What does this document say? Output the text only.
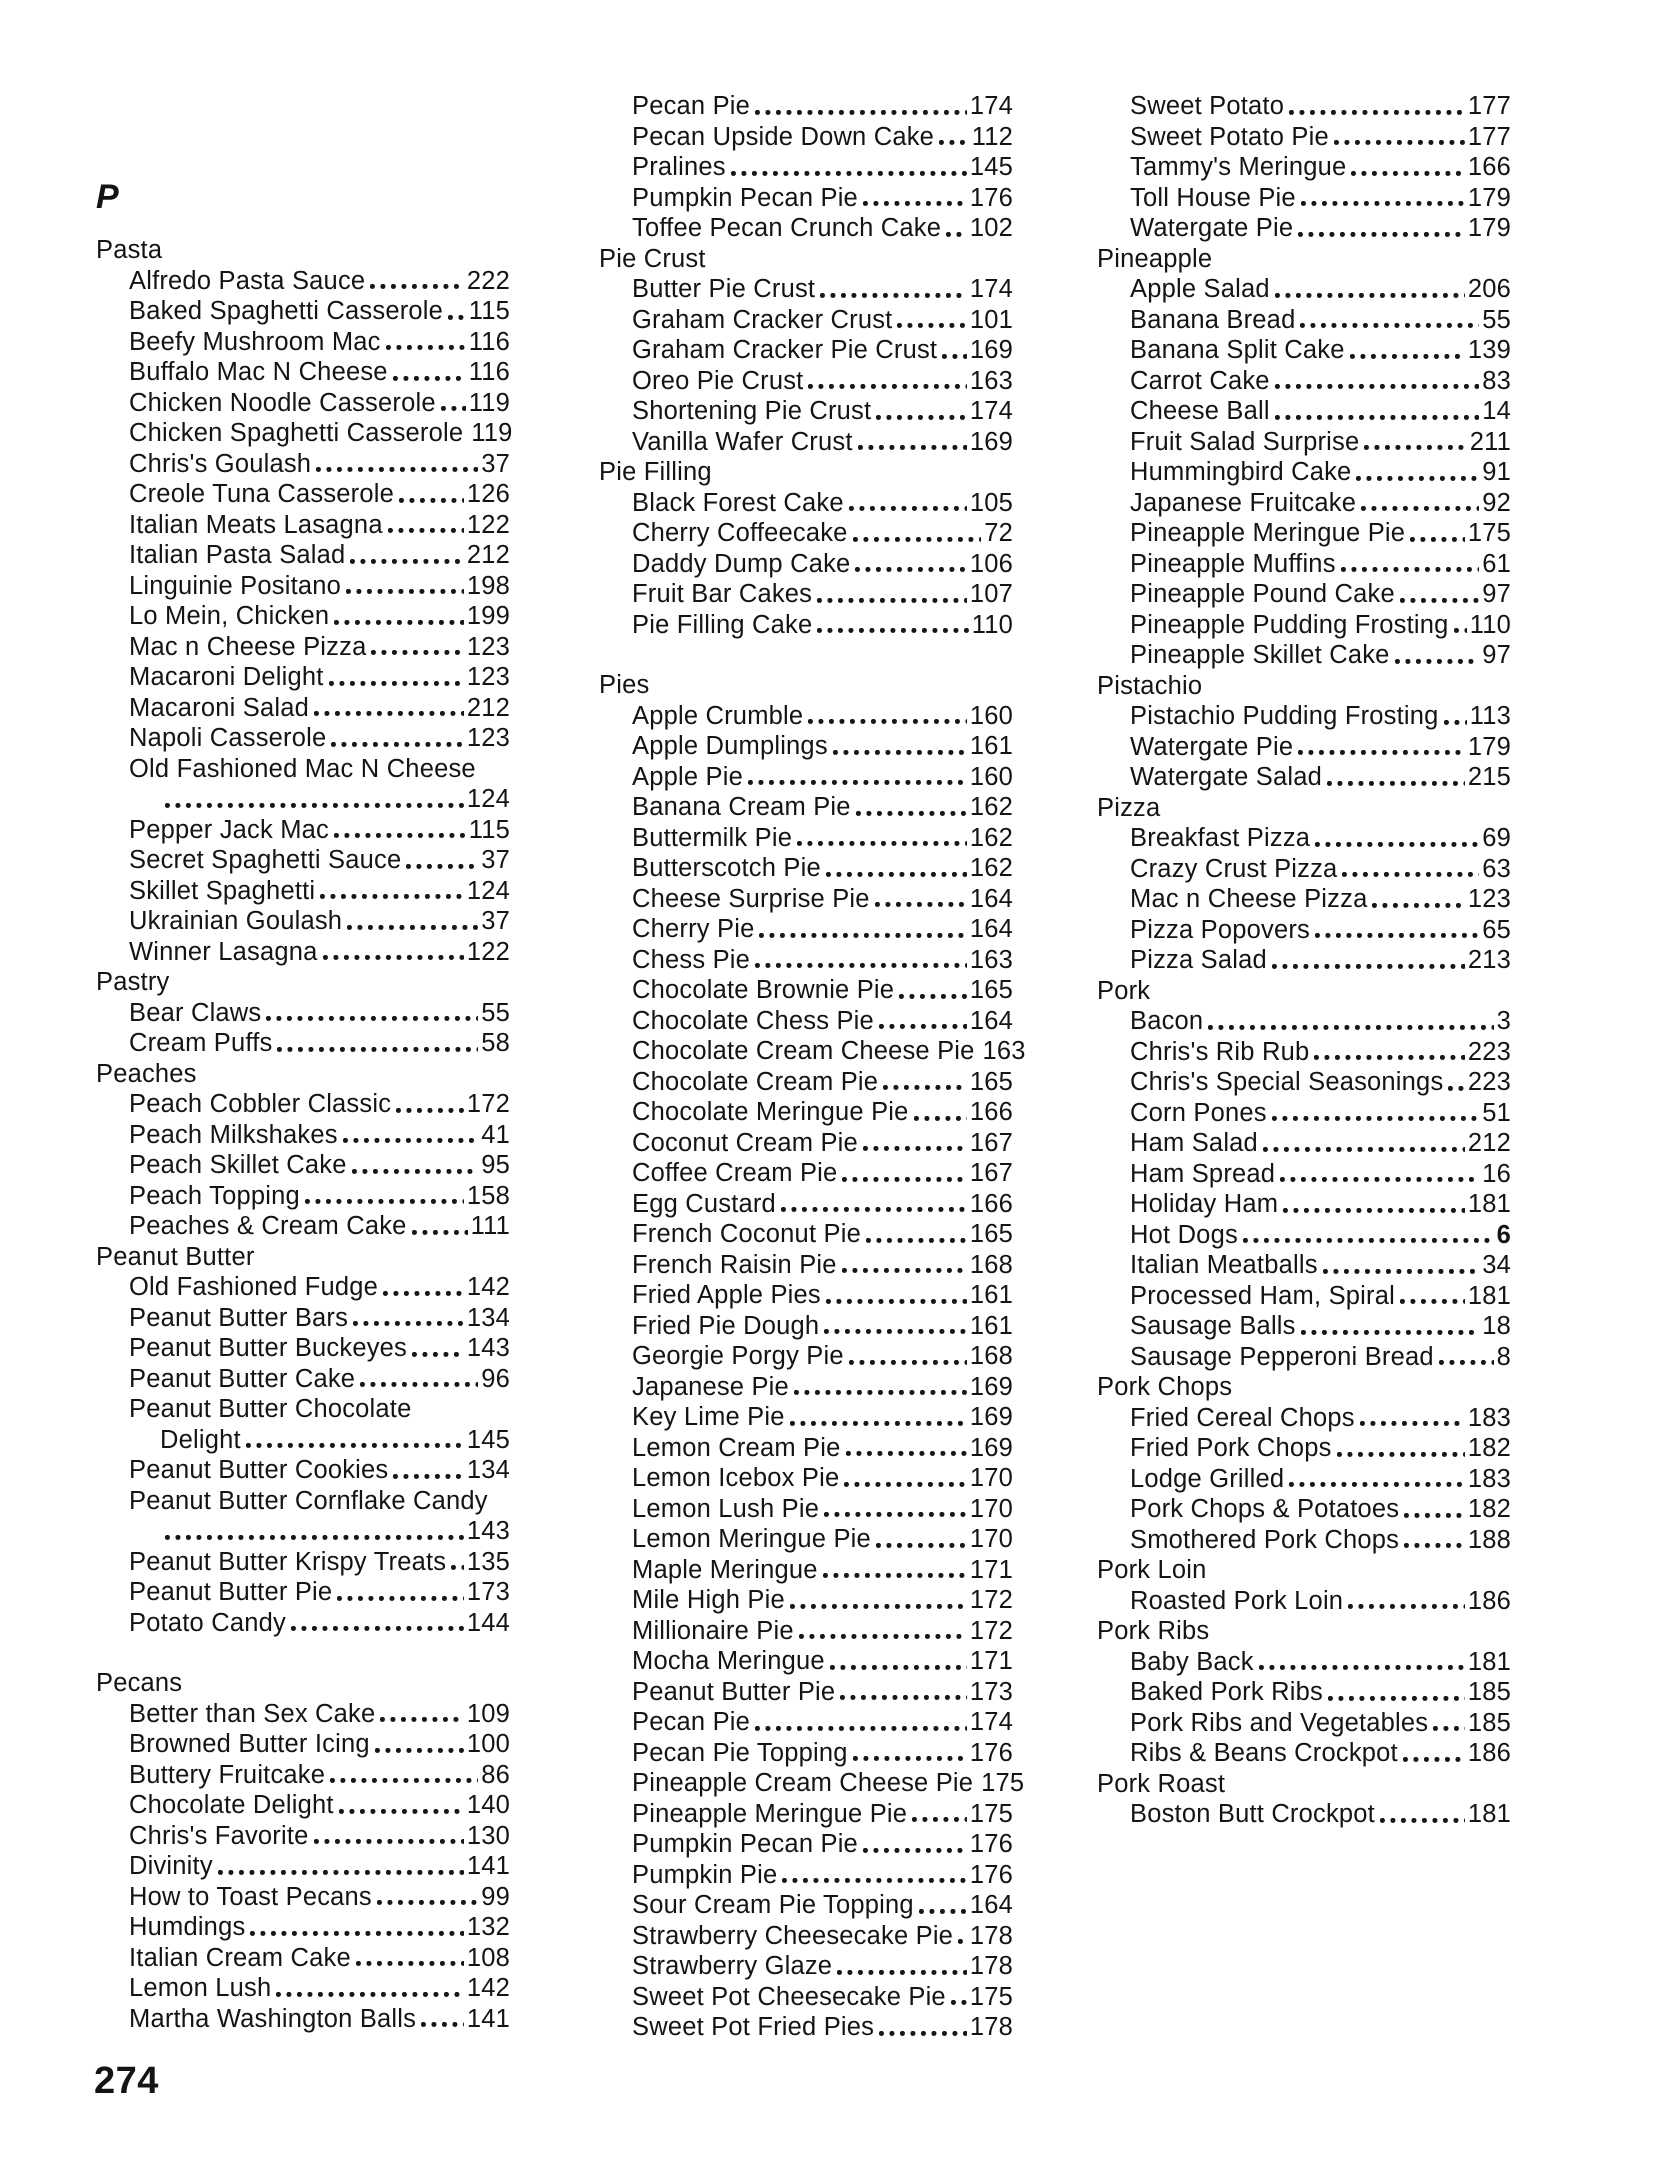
P
Pasta
Alfredo Pasta Sauce	222
Baked Spaghetti Casserole 115
Beefy Mushroom Mac	116
Buffalo Mac N Cheese	116
Chicken Noodle Casserole 119
Chicken Spaghetti Casserole 119
Chris's Goulash	37
Creole Tuna Casserole	126
Italian Meats Lasagna	122
Italian Pasta Salad	212
Linguinie Positano	198
Lo Mein, Chicken	199
Mac n Cheese Pizza	123
Macaroni Delight	123
Macaroni Salad	212
Napoli Casserole	123
Old Fashioned Mac N Cheese
124
Pepper Jack Mac	115
Secret Spaghetti Sauce	37
Skillet Spaghetti	124
Ukrainian Goulash	37
Winner Lasagna	122
Pastry
Bear Claws	55
Cream Puffs	58
Peaches
Peach Cobbler Classic	172
Peach Milkshakes	41
Peach Skillet Cake	95
Peach Topping	158
Peaches & Cream Cake	111
Peanut Butter
Old Fashioned Fudge	142
Peanut Butter Bars	134
Peanut Butter Buckeyes 143
Peanut Butter Cake	96
Peanut Butter Chocolate
Delight	145
Peanut Butter Cookies	134
Peanut Butter Cornflake Candy
143
Peanut Butter Krispy Treats 135
Peanut Butter Pie	173
Potato Candy	144
Pecans
Better than Sex Cake	109
Browned Butter Icing	100
Buttery Fruitcake	86
Chocolate Delight	140
Chris's Favorite	130
Divinity	141
How to Toast Pecans	99
Humdings	132
Italian Cream Cake	108
Lemon Lush	142
Martha Washington Balls 141
Pecan Pie	174
Pecan Upside Down Cake 112
Pralines	145
Pumpkin Pecan Pie	176
Toffee Pecan Crunch Cake 102
Pie Crust
Butter Pie Crust	174
Graham Cracker Crust	101
Graham Cracker Pie Crust 169
Oreo Pie Crust	163
Shortening Pie Crust	174
Vanilla Wafer Crust	169
Pie Filling
Black Forest Cake	105
Cherry Coffeecake	72
Daddy Dump Cake	106
Fruit Bar Cakes	107
Pie Filling Cake	110
Pies
Apple Crumble	160
Apple Dumplings	161
Apple Pie	160
Banana Cream Pie	162
Buttermilk Pie	162
Butterscotch Pie	162
Cheese Surprise Pie	164
Cherry Pie	164
Chess Pie	163
Chocolate Brownie Pie	165
Chocolate Chess Pie	164
Chocolate Cream Cheese Pie 163
Chocolate Cream Pie	165
Chocolate Meringue Pie 166
Coconut Cream Pie	167
Coffee Cream Pie	167
Egg Custard	166
French Coconut Pie	165
French Raisin Pie	168
Fried Apple Pies	161
Fried Pie Dough	161
Georgie Porgy Pie	168
Japanese Pie	169
Key Lime Pie	169
Lemon Cream Pie	169
Lemon Icebox Pie	170
Lemon Lush Pie	170
Lemon Meringue Pie	170
Maple Meringue	171
Mile High Pie	172
Millionaire Pie	172
Mocha Meringue	171
Peanut Butter Pie	173
Pecan Pie	174
Pecan Pie Topping	176
Pineapple Cream Cheese Pie 175
Pineapple Meringue Pie 175
Pumpkin Pecan Pie	176
Pumpkin Pie	176
Sour Cream Pie Topping 164
Strawberry Cheesecake Pie 178
Strawberry Glaze	178
Sweet Pot Cheesecake Pie 175
Sweet Pot Fried Pies	178
Sweet Potato	177
Sweet Potato Pie	177
Tammy's Meringue	166
Toll House Pie	179
Watergate Pie	179
Pineapple
Apple Salad	206
Banana Bread	55
Banana Split Cake	139
Carrot Cake	83
Cheese Ball	14
Fruit Salad Surprise	211
Hummingbird Cake	91
Japanese Fruitcake	92
Pineapple Meringue Pie 175
Pineapple Muffins	61
Pineapple Pound Cake	97
Pineapple Pudding Frosting 110
Pineapple Skillet Cake	97
Pistachio
Pistachio Pudding Frosting 113
Watergate Pie	179
Watergate Salad	215
Pizza
Breakfast Pizza	69
Crazy Crust Pizza	63
Mac n Cheese Pizza	123
Pizza Popovers	65
Pizza Salad	213
Pork
Bacon	3
Chris's Rib Rub	223
Chris's Special Seasonings 223
Corn Pones	51
Ham Salad	212
Ham Spread	16
Holiday Ham	181
Hot Dogs	6
Italian Meatballs	34
Processed Ham, Spiral	181
Sausage Balls	18
Sausage Pepperoni Bread 8
Pork Chops
Fried Cereal Chops	183
Fried Pork Chops	182
Lodge Grilled	183
Pork Chops & Potatoes	182
Smothered Pork Chops	188
Pork Loin
Roasted Pork Loin	186
Pork Ribs
Baby Back	181
Baked Pork Ribs	185
Pork Ribs and Vegetables 185
Ribs & Beans Crockpot	186
Pork Roast
Boston Butt Crockpot	181
274
